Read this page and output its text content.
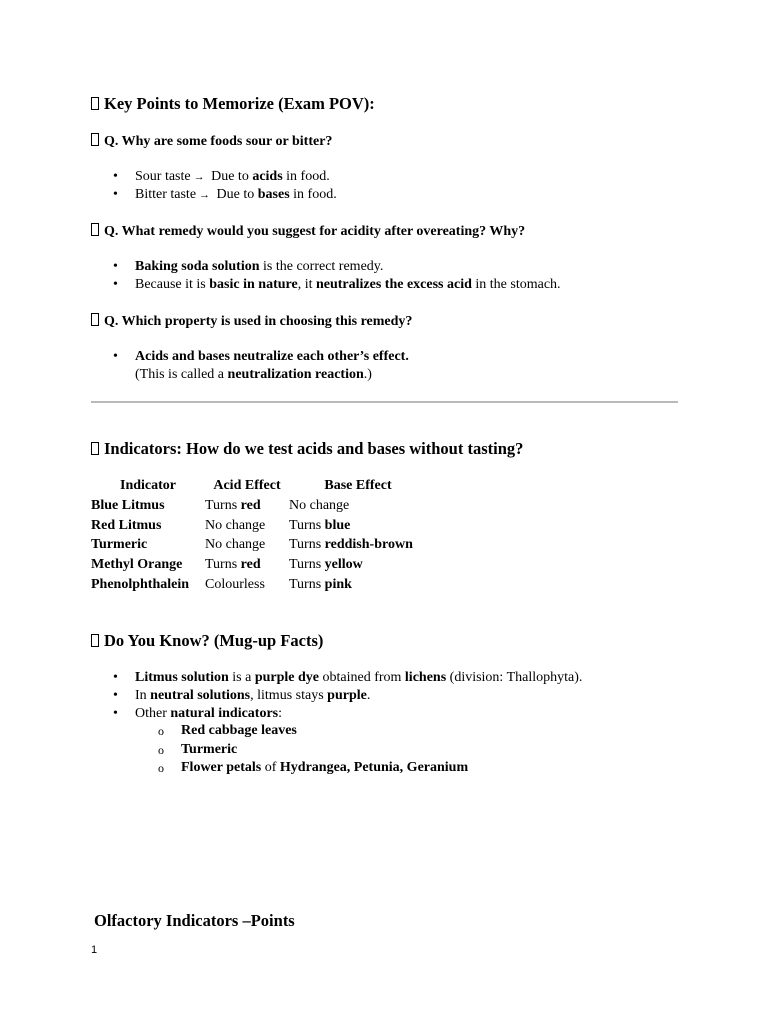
Key Points to Memorize (Exam POV):
Q. Why are some foods sour or bitter?
• Sour taste → Due to acids in food.
• Bitter taste → Due to bases in food.
Q. What remedy would you suggest for acidity after overeating? Why?
• Baking soda solution is the correct remedy.
• Because it is basic in nature, it neutralizes the excess acid in the stomach.
Q. Which property is used in choosing this remedy?
• Acids and bases neutralize each other’s effect.
(This is called a neutralization reaction.)
Indicators: How do we test acids and bases without tasting?
Indicator	Acid Effect	Base Effect
Blue Litmus	Turns red	No change
Red Litmus	No change	Turns blue
Turmeric	No change	Turns reddish-brown
Methyl Orange	Turns red	Turns yellow
Phenolphthalein	Colourless	Turns pink
Do You Know? (Mug-up Facts)
• Litmus solution is a purple dye obtained from lichens (division: Thallophyta).
• In neutral solutions, litmus stays purple.
• Other natural indicators:
o Red cabbage leaves
o Turmeric
o Flower petals of Hydrangea, Petunia, Geranium
Olfactory Indicators –Points
1
